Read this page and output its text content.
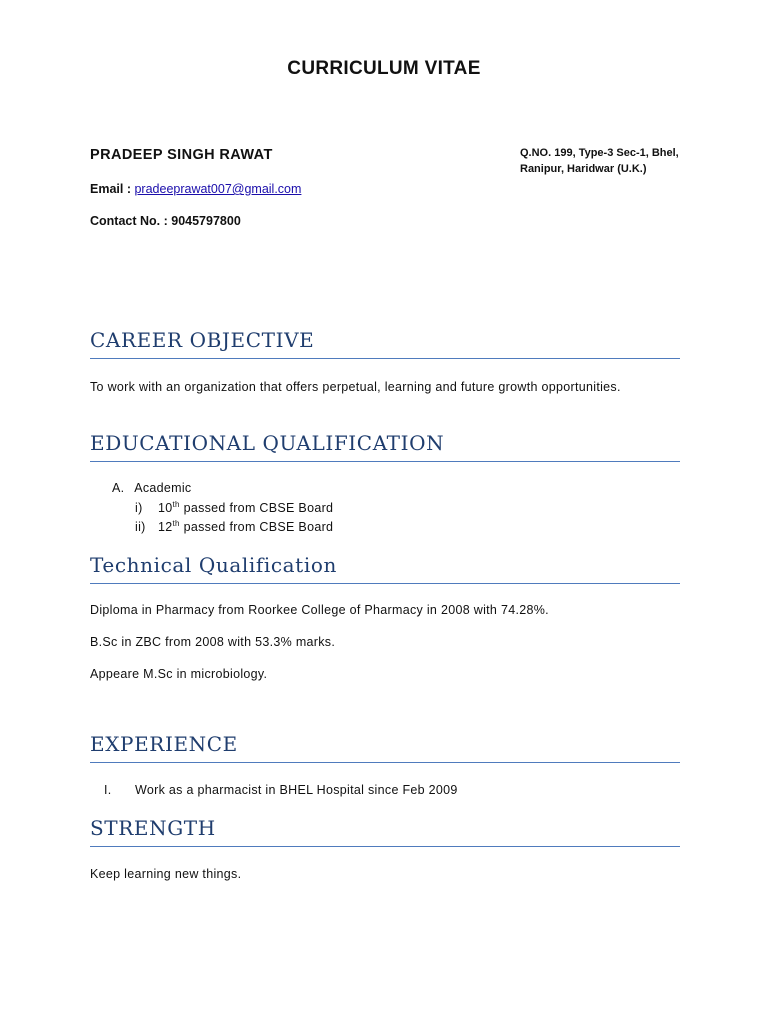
CURRICULUM VITAE
PRADEEP SINGH RAWAT	Q.NO. 199, Type-3 Sec-1, Bhel,
Ranipur, Haridwar (U.K.)
Email : pradeeprawat007@gmail.com
Contact No. : 9045797800
CAREER OBJECTIVE
To work with an organization that offers perpetual, learning and future growth opportunities.
EDUCATIONAL QUALIFICATION
A. Academic
i) 10th passed from CBSE Board
ii) 12th passed from CBSE Board
Technical Qualification
Diploma in Pharmacy from Roorkee College of Pharmacy in 2008 with 74.28%.
B.Sc in ZBC from 2008 with 53.3% marks.
Appeare M.Sc in microbiology.
EXPERIENCE
I. Work as a pharmacist in BHEL Hospital since Feb 2009
STRENGTH
Keep learning new things.
